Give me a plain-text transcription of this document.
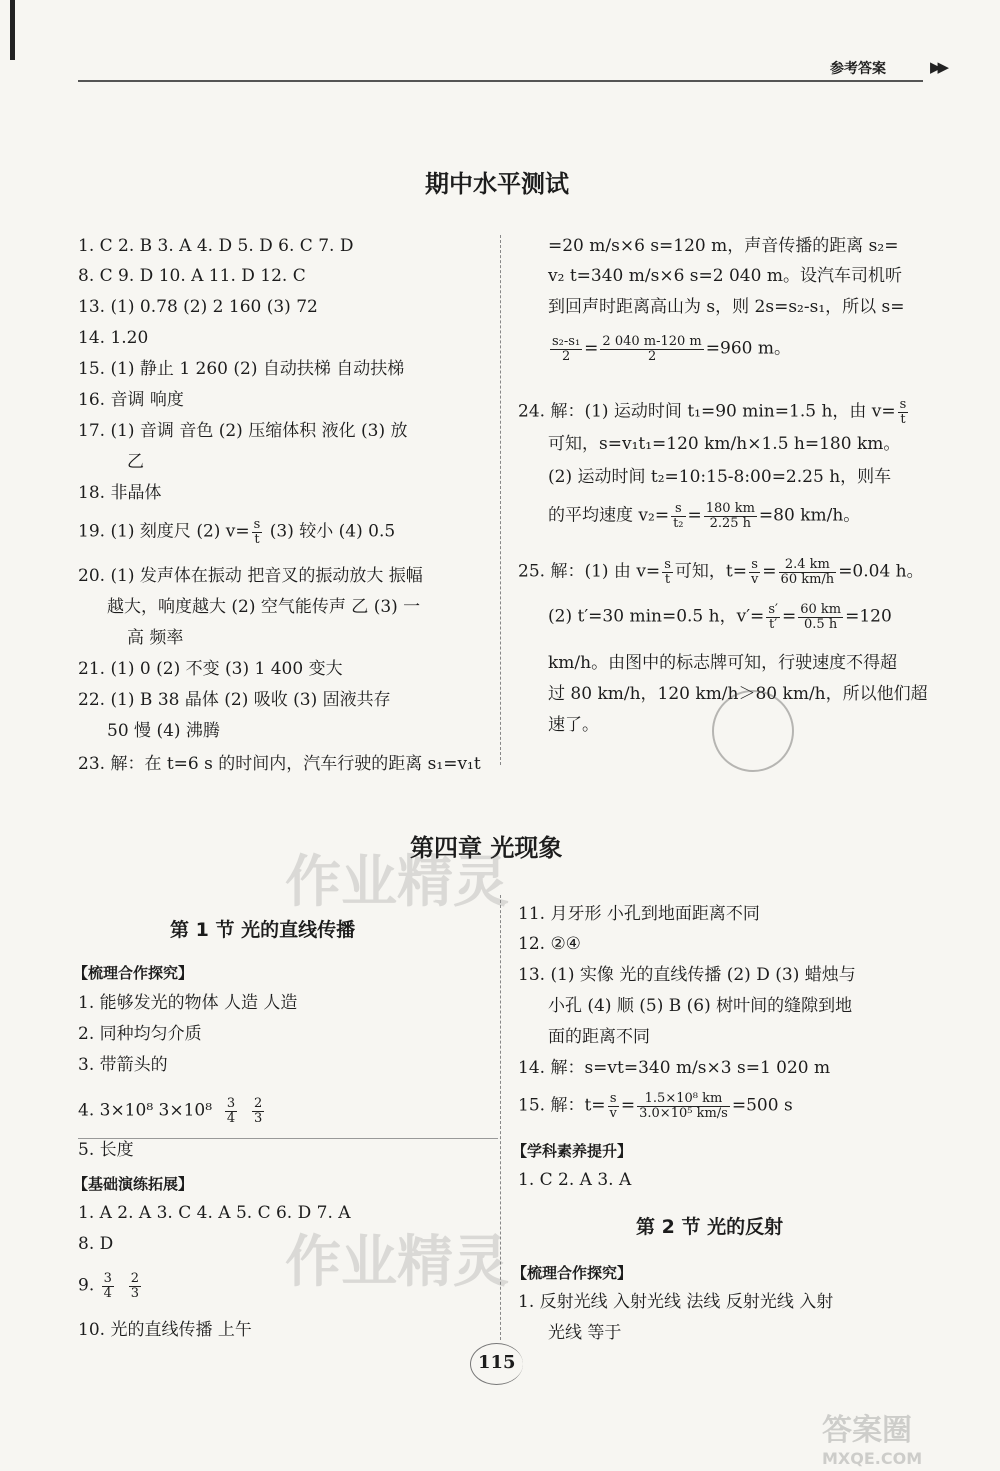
参考答案	▶▶
期中水平测试
1. C 2. B 3. A 4. D 5. D 6. C 7. D
8. C 9. D 10. A 11. D 12. C
13. (1) 0.78 (2) 2 160 (3) 72
14. 1.20
15. (1) 静止 1 260 (2) 自动扶梯 自动扶梯
16. 音调 响度
17. (1) 音调 音色 (2) 压缩体积 液化 (3) 放
乙
18. 非晶体
19. (1) 刻度尺 (2) $v= \frac{s}{t} (3)$ 较小 (4) 0.5
20. (1) 发声体在振动 把音叉的振动放大 振幅
越大，响度越大 (2) 空气能传声 乙 (3) 一
高 频率
21. (1) 0 (2) 不变 (3) 1 400 变大
22. (1) B 38 晶体 (2) 吸收 (3) 固液共存
50 慢 (4) 沸腾
23. 解：在 t=6 s 的时间内，汽车行驶的距离 s₁=v₁t
=20 m/s×6 s=120 m，声音传播的距离 s₂=
v₂ t=340 m/s×6 s=2 040 m。设汽车司机听
到回声时距离高山为 s，则 2s=s₂-s₁，所以 s=
$\frac{\text{s₂-s₁}}{2} = \frac{2 040 m-120 m}{2} =960$ m。
24. 解：(1) 运动时间 t₁=90 min=1.5 h，由 $v= \frac{s}{t}$
可知，s=v₁t₁=120 km/h×1.5 h=180 km。
(2) 运动时间 t₂=10:15-8:00=2.25 h，则车
的平均速度 $v_2= \frac{s}{\text{t₂}} = \frac{180 km}{2.25 h} =80$ km/h。
25. 解：(1) 由 $v= \frac{s}{t}$ 可知，$t= \frac{s}{v} = \frac{2.4 km}{60 km/h} =0.04$ h。
(2) t′=30 min=0.5 h，$v'= \frac{s'}{t'} = \frac{60 km}{0.5 h} =120$
km/h。由图中的标志牌可知，行驶速度不得超
过 80 km/h，120 km/h＞80 km/h，所以他们超
速了。
第四章 光现象
作业精灵
第 1 节 光的直线传播
【梳理合作探究】
1. 能够发光的物体 人造 人造
2. 同种均匀介质
3. 带箭头的
4. 3×10⁸ $3\times 10^8 \frac{3}{4}$
$\frac{2}{3}$
5. 长度
【基础演练拓展】
1. A 2. A 3. C 4. A 5. C 6. D 7. A
8. D
9. $\frac{3}{4}$
$\frac{2}{3}$
10. 光的直线传播 上午
作业精灵
11. 月牙形 小孔到地面距离不同
12. ②④
13. (1) 实像 光的直线传播 (2) D (3) 蜡烛与
小孔 (4) 顺 (5) B (6) 树叶间的缝隙到地
面的距离不同
14. 解：s=vt=340 m/s×3 s=1 020 m
15. 解：$t= \frac{s}{v} = \frac{\text{1.5×10⁸ km}}{\text{3.0×10⁵ km/s}} =500$ s
【学科素养提升】
1. C 2. A 3. A
第 2 节 光的反射
【梳理合作探究】
1. 反射光线 入射光线 法线 反射光线 入射
光线 等于
115
答案圈
MXQE.COM
